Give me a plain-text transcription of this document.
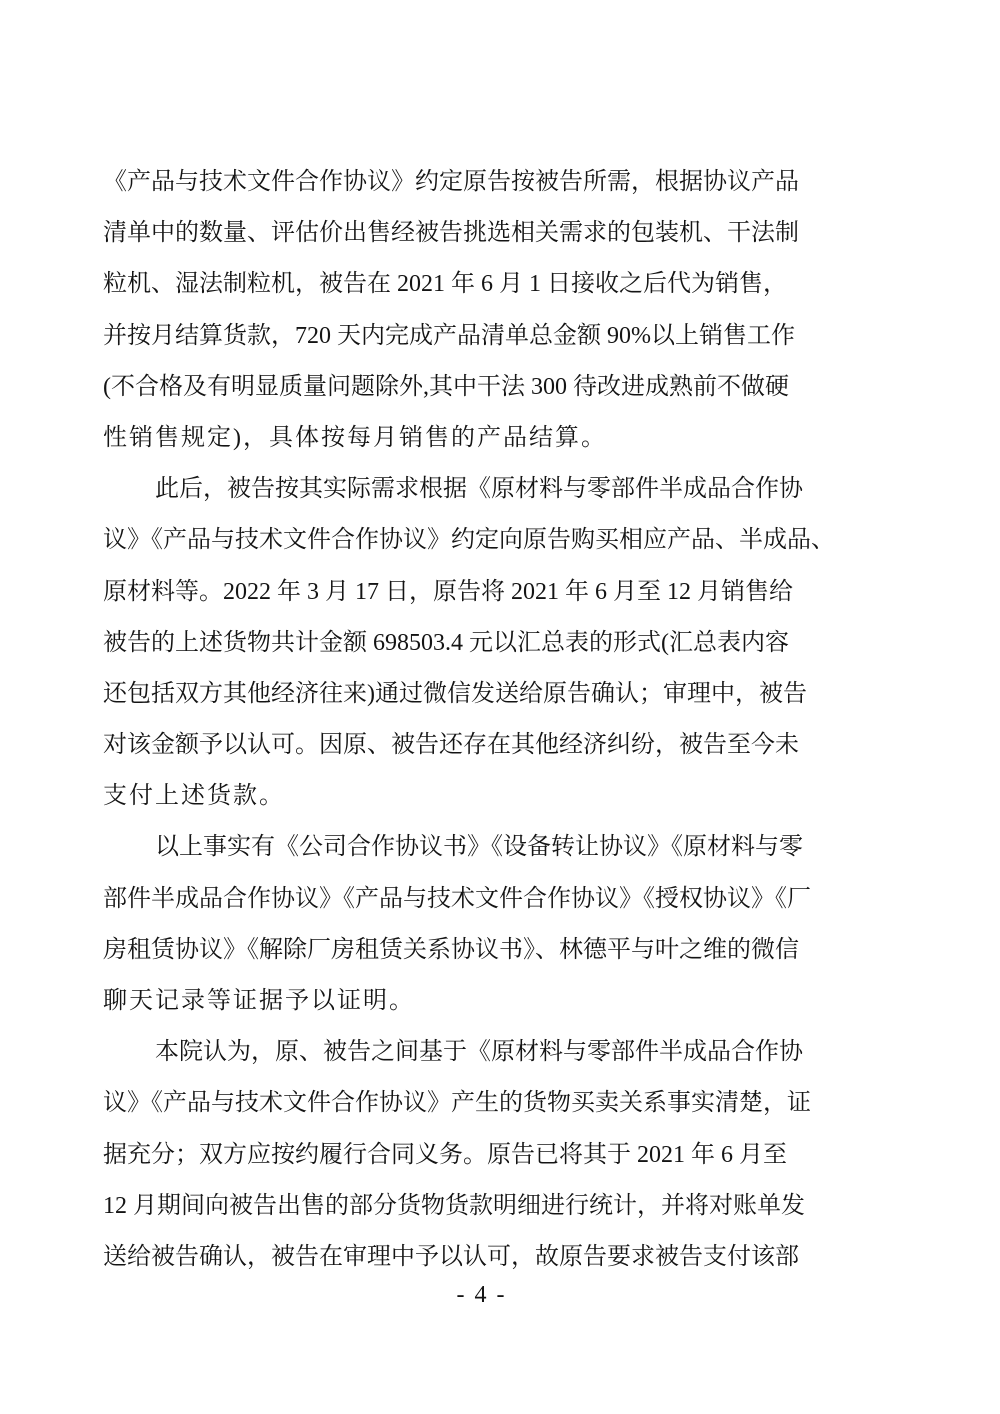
《产品与技术文件合作协议》约定原告按被告所需，根据协议产品
清单中的数量、评估价出售经被告挑选相关需求的包装机、干法制
粒机、湿法制粒机，被告在 2021 年 6 月 1 日接收之后代为销售，
并按月结算货款，720 天内完成产品清单总金额 90%以上销售工作
(不合格及有明显质量问题除外,其中干法 300 待改进成熟前不做硬
性销售规定)，具体按每月销售的产品结算。
此后，被告按其实际需求根据《原材料与零部件半成品合作协
议》《产品与技术文件合作协议》约定向原告购买相应产品、半成品、
原材料等。2022 年 3 月 17 日，原告将 2021 年 6 月至 12 月销售给
被告的上述货物共计金额 698503.4 元以汇总表的形式(汇总表内容
还包括双方其他经济往来)通过微信发送给原告确认；审理中，被告
对该金额予以认可。因原、被告还存在其他经济纠纷，被告至今未
支付上述货款。
以上事实有《公司合作协议书》《设备转让协议》《原材料与零
部件半成品合作协议》《产品与技术文件合作协议》《授权协议》《厂
房租赁协议》《解除厂房租赁关系协议书》、林德平与叶之维的微信
聊天记录等证据予以证明。
本院认为，原、被告之间基于《原材料与零部件半成品合作协
议》《产品与技术文件合作协议》产生的货物买卖关系事实清楚，证
据充分；双方应按约履行合同义务。原告已将其于 2021 年 6 月至
12 月期间向被告出售的部分货物货款明细进行统计，并将对账单发
送给被告确认，被告在审理中予以认可，故原告要求被告支付该部
- 4 -
